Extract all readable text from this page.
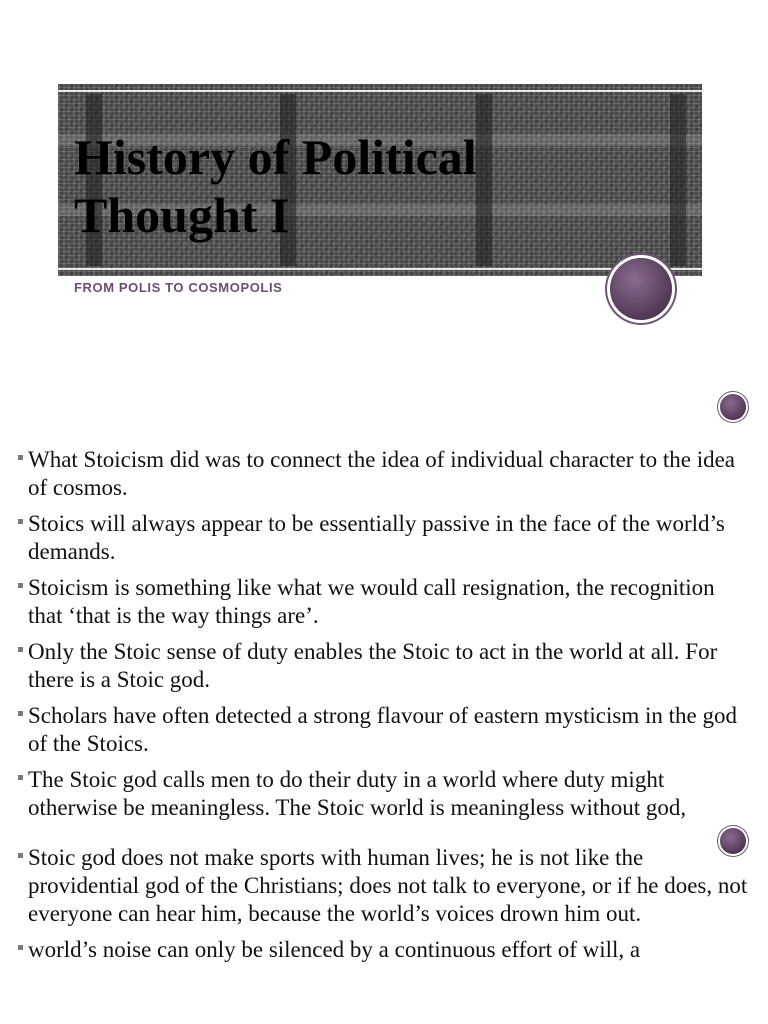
History of Political
Thought I

FROM POLIS TO COSMOPOLIS

What Stoicism did was to connect the idea of individual character to the idea of cosmos.
Stoics will always appear to be essentially passive in the face of the world’s demands.
Stoicism is something like what we would call resignation, the recognition that ‘that is the way things are’.
Only the Stoic sense of duty enables the Stoic to act in the world at all. For there is a Stoic god.
Scholars have often detected a strong flavour of eastern mysticism in the god of the Stoics.
The Stoic god calls men to do their duty in a world where duty might otherwise be meaningless. The Stoic world is meaningless without god,
Stoic god does not make sports with human lives; he is not like the providential god of the Christians; does not talk to everyone, or if he does, not everyone can hear him, because the world’s voices drown him out.
world’s noise can only be silenced by a continuous effort of will, a
